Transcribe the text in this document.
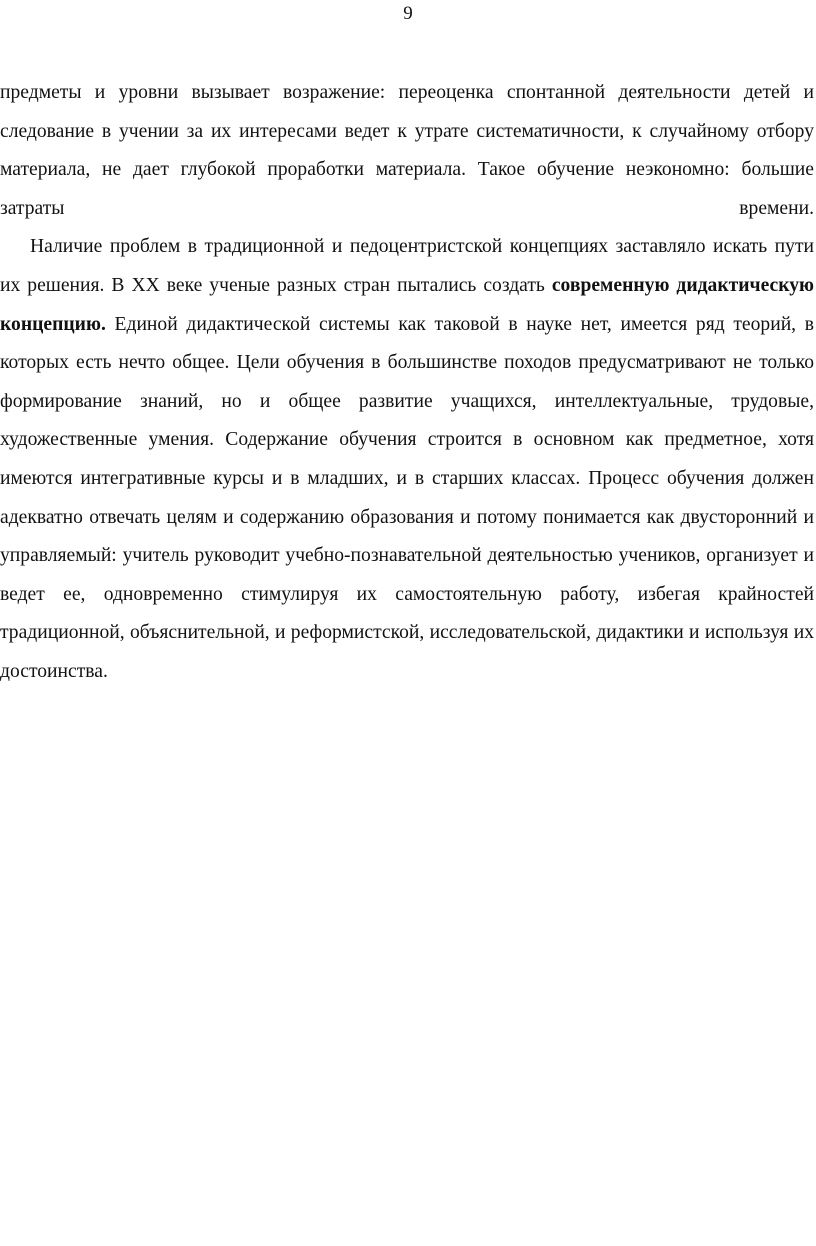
9

предметы и уровни вызывает возражение: переоценка спонтанной деятельности детей и следование в учении за их интересами ведет к утрате систематичности, к случайному отбору материала, не дает глубокой проработки материала. Такое обучение неэкономно: большие затраты времени.

Наличие проблем в традиционной и педоцентристской концепциях заставляло искать пути их решения. В XX веке ученые разных стран пытались создать современную дидактическую концепцию. Единой дидактической системы как таковой в науке нет, имеется ряд теорий, в которых есть нечто общее. Цели обучения в большинстве походов предусматривают не только формирование знаний, но и общее развитие учащихся, интеллектуальные, трудовые, художественные умения. Содержание обучения строится в основном как предметное, хотя имеются интегративные курсы и в младших, и в старших классах. Процесс обучения должен адекватно отвечать целям и содержанию образования и потому понимается как двусторонний и управляемый: учитель руководит учебно-познавательной деятельностью учеников, организует и ведет ее, одновременно стимулируя их самостоятельную работу, избегая крайностей традиционной, объяснительной, и реформистской, исследовательской, дидактики и используя их достоинства.
